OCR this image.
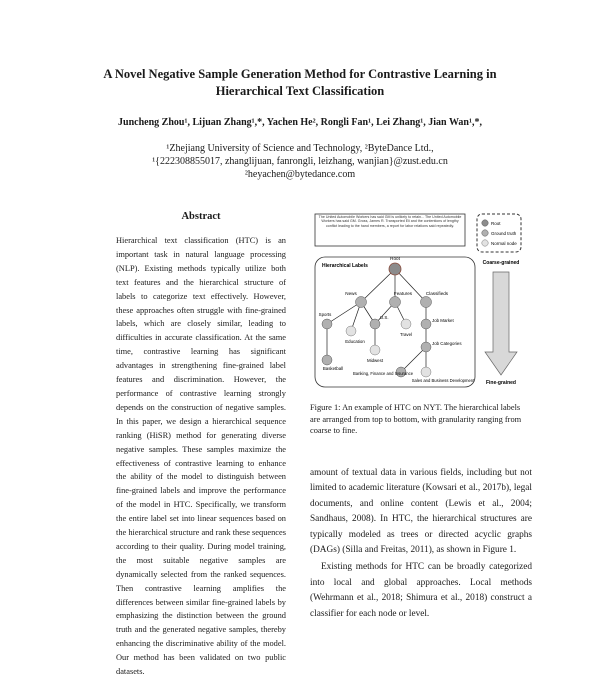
A Novel Negative Sample Generation Method for Contrastive Learning in
Hierarchical Text Classification
Juncheng Zhou¹, Lijuan Zhang¹,*, Yachen He², Rongli Fan¹, Lei Zhang¹, Jian Wan¹,*,
¹Zhejiang University of Science and Technology, ²ByteDance Ltd.,
¹{222308855017, zhanglijuan, fanrongli, leizhang, wanjian}@zust.edu.cn
²heyachen@bytedance.com
Abstract
Hierarchical text classification (HTC) is an important task in natural language processing (NLP). Existing methods typically utilize both text features and the hierarchical structure of labels to categorize text effectively. However, these approaches often struggle with fine-grained labels, which are closely similar, leading to difficulties in accurate classification. At the same time, contrastive learning has significant advantages in strengthening fine-grained label features and discrimination. However, the performance of contrastive learning strongly depends on the construction of negative samples. In this paper, we design a hierarchical sequence ranking (HiSR) method for generating diverse negative samples. These samples maximize the effectiveness of contrastive learning to enhance the ability of the model to distinguish between fine-grained labels and improve the performance of the model in HTC. Specifically, we transform the entire label set into linear sequences based on the hierarchical structure and rank these sequences according to their quality. During model training, the most suitable negative samples are dynamically selected from the ranked sequences. Then contrastive learning amplifies the differences between similar fine-grained labels by emphasizing the distinction between the ground truth and the generated negative samples, thereby enhancing the discriminative ability of the model. Our method has been validated on two public datasets.
The United Automobile Workers has said GM is unlikely to retain... The United Automobile Workers has said GM. Gross, James R. Transported Eli and the contentions of lengthy conflict leading to the hand members, a report for labor relations said repeatedly.	Root
Ground truth
Normal node
Coarse-grained
Fine-grained
Hierarchical Labels
Root
News	Features	Classifieds
Sports
Education
U.S.
Travel
Job Market
Basketball
Midwest
Job Categories
Banking, Finance and Insurance
Sales and Business Development
Figure 1: An example of HTC on NYT. The hierarchical labels are arranged from top to bottom, with granularity ranging from coarse to fine.

amount of textual data in various fields, including but not limited to academic literature (Kowsari et al., 2017b), legal documents, and online content (Lewis et al., 2004; Sandhaus, 2008). In HTC, the hierarchical structures are typically modeled as trees or directed acyclic graphs (DAGs) (Silla and Freitas, 2011), as shown in Figure 1.

Existing methods for HTC can be broadly categorized into local and global approaches. Local methods (Wehrmann et al., 2018; Shimura et al., 2018) construct a classifier for each node or level.
